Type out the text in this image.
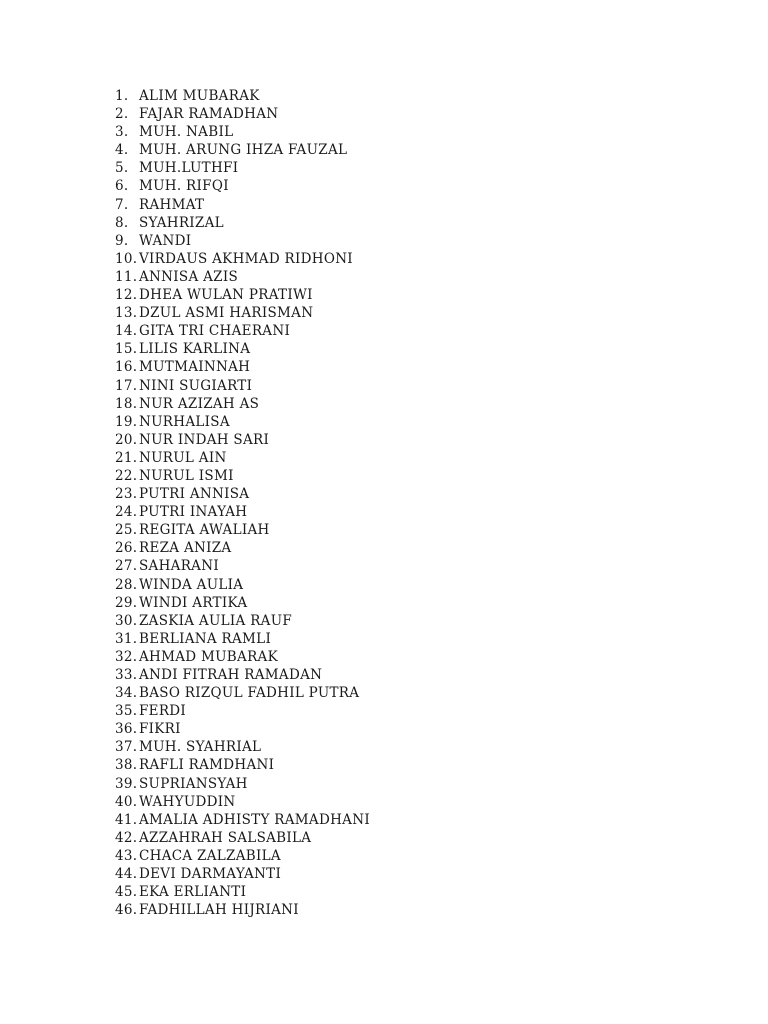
1. ALIM MUBARAK
2. FAJAR RAMADHAN
3. MUH. NABIL
4. MUH. ARUNG IHZA FAUZAL
5. MUH.LUTHFI
6. MUH. RIFQI
7. RAHMAT
8. SYAHRIZAL
9. WANDI
10. VIRDAUS AKHMAD RIDHONI
11. ANNISA AZIS
12. DHEA WULAN PRATIWI
13. DZUL ASMI HARISMAN
14. GITA TRI CHAERANI
15. LILIS KARLINA
16. MUTMAINNAH
17. NINI SUGIARTI
18. NUR AZIZAH AS
19. NURHALISA
20. NUR INDAH SARI
21. NURUL AIN
22. NURUL ISMI
23. PUTRI ANNISA
24. PUTRI INAYAH
25. REGITA AWALIAH
26. REZA ANIZA
27. SAHARANI
28. WINDA AULIA
29. WINDI ARTIKA
30. ZASKIA AULIA RAUF
31. BERLIANA RAMLI
32. AHMAD MUBARAK
33. ANDI FITRAH RAMADAN
34. BASO RIZQUL FADHIL PUTRA
35. FERDI
36. FIKRI
37. MUH. SYAHRIAL
38. RAFLI RAMDHANI
39. SUPRIANSYAH
40. WAHYUDDIN
41. AMALIA ADHISTY RAMADHANI
42. AZZAHRAH SALSABILA
43. CHACA ZALZABILA
44. DEVI DARMAYANTI
45. EKA ERLIANTI
46. FADHILLAH HIJRIANI
